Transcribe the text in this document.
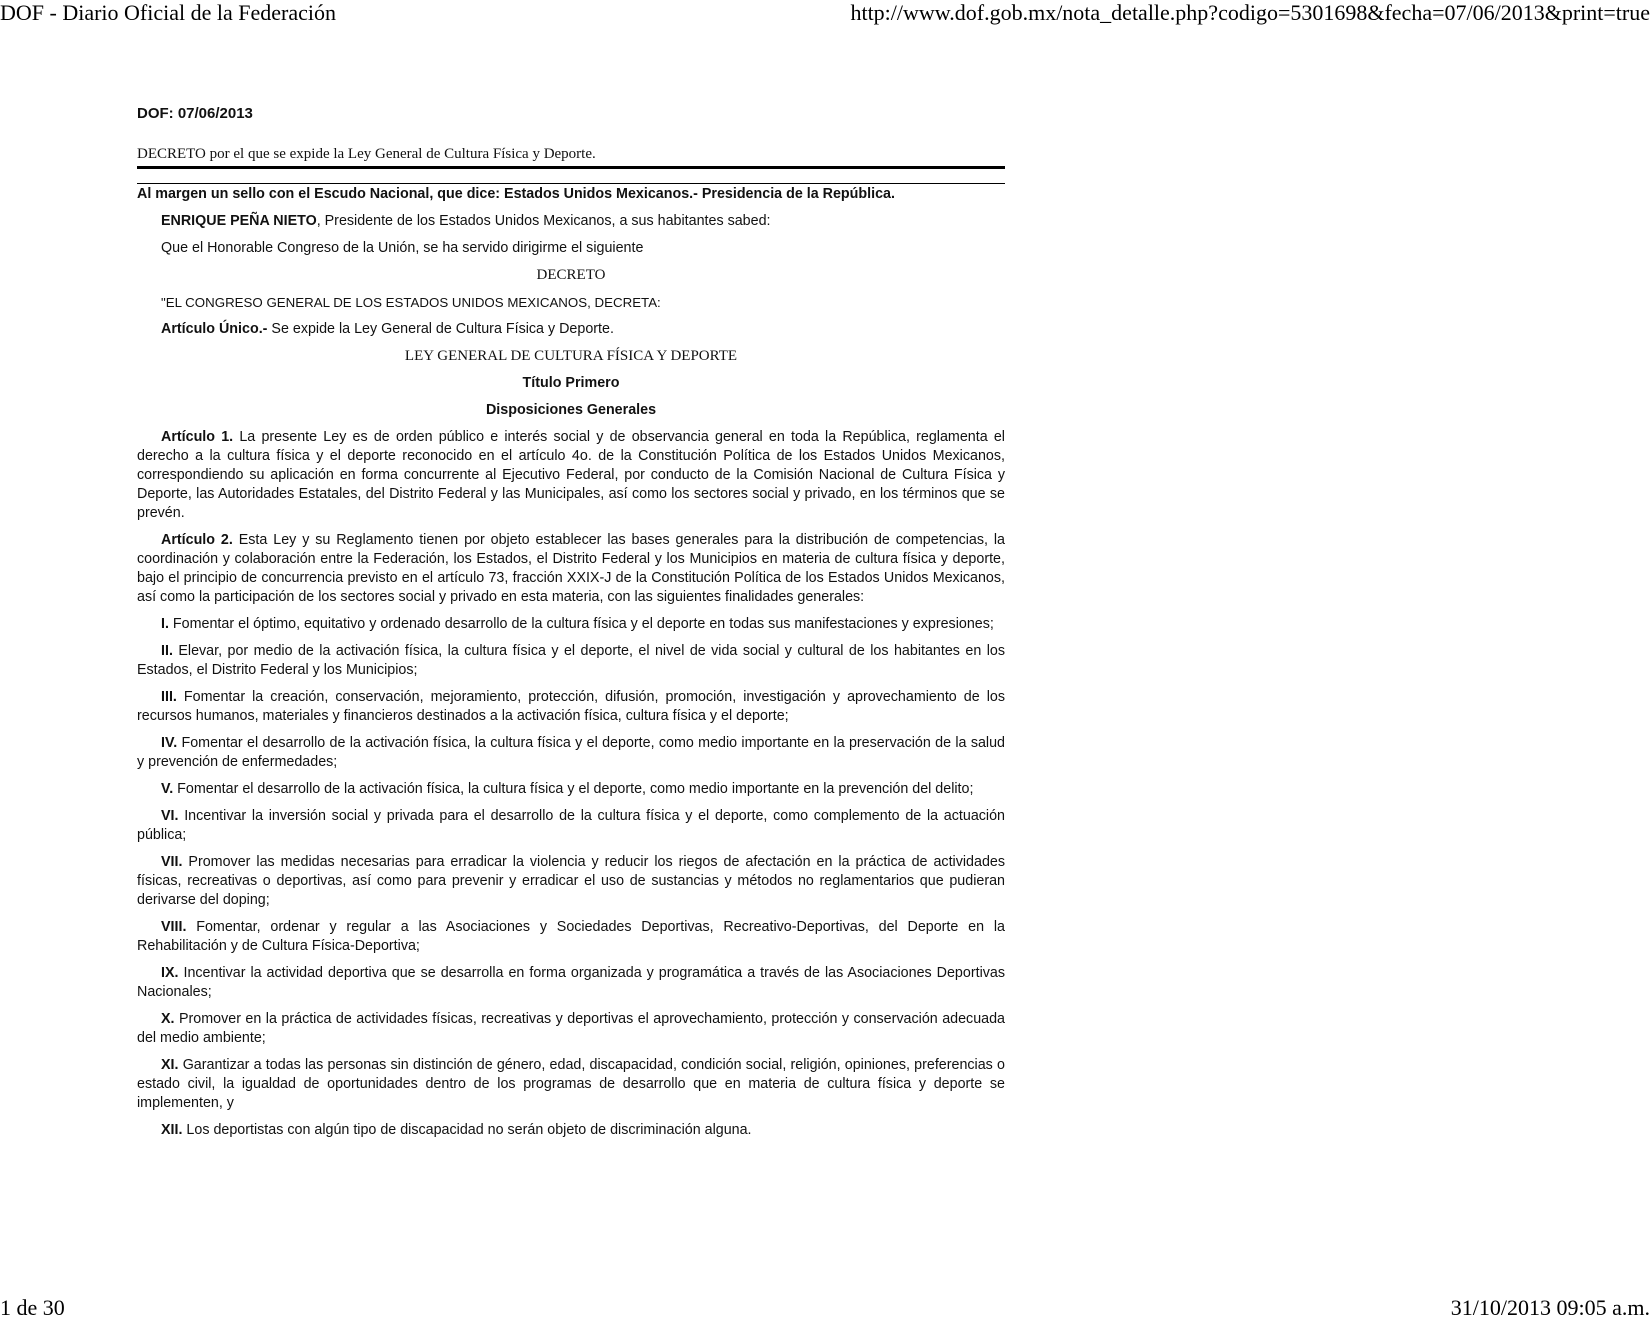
DOF - Diario Oficial de la Federación	http://www.dof.gob.mx/nota_detalle.php?codigo=5301698&fecha=07/06/2013&print=true
DOF: 07/06/2013
DECRETO por el que se expide la Ley General de Cultura Física y Deporte.
Al margen un sello con el Escudo Nacional, que dice: Estados Unidos Mexicanos.- Presidencia de la República.

ENRIQUE PEÑA NIETO, Presidente de los Estados Unidos Mexicanos, a sus habitantes sabed:

Que el Honorable Congreso de la Unión, se ha servido dirigirme el siguiente

DECRETO

"EL CONGRESO GENERAL DE LOS ESTADOS UNIDOS MEXICANOS, DECRETA:

Artículo Único.- Se expide la Ley General de Cultura Física y Deporte.

LEY GENERAL DE CULTURA FÍSICA Y DEPORTE

Título Primero

Disposiciones Generales

Artículo 1. La presente Ley es de orden público e interés social y de observancia general en toda la República, reglamenta el derecho a la cultura física y el deporte reconocido en el artículo 4o. de la Constitución Política de los Estados Unidos Mexicanos, correspondiendo su aplicación en forma concurrente al Ejecutivo Federal, por conducto de la Comisión Nacional de Cultura Física y Deporte, las Autoridades Estatales, del Distrito Federal y las Municipales, así como los sectores social y privado, en los términos que se prevén.

Artículo 2. Esta Ley y su Reglamento tienen por objeto establecer las bases generales para la distribución de competencias, la coordinación y colaboración entre la Federación, los Estados, el Distrito Federal y los Municipios en materia de cultura física y deporte, bajo el principio de concurrencia previsto en el artículo 73, fracción XXIX-J de la Constitución Política de los Estados Unidos Mexicanos, así como la participación de los sectores social y privado en esta materia, con las siguientes finalidades generales:

I. Fomentar el óptimo, equitativo y ordenado desarrollo de la cultura física y el deporte en todas sus manifestaciones y expresiones;

II. Elevar, por medio de la activación física, la cultura física y el deporte, el nivel de vida social y cultural de los habitantes en los Estados, el Distrito Federal y los Municipios;

III. Fomentar la creación, conservación, mejoramiento, protección, difusión, promoción, investigación y aprovechamiento de los recursos humanos, materiales y financieros destinados a la activación física, cultura física y el deporte;

IV. Fomentar el desarrollo de la activación física, la cultura física y el deporte, como medio importante en la preservación de la salud y prevención de enfermedades;

V. Fomentar el desarrollo de la activación física, la cultura física y el deporte, como medio importante en la prevención del delito;

VI. Incentivar la inversión social y privada para el desarrollo de la cultura física y el deporte, como complemento de la actuación pública;

VII. Promover las medidas necesarias para erradicar la violencia y reducir los riegos de afectación en la práctica de actividades físicas, recreativas o deportivas, así como para prevenir y erradicar el uso de sustancias y métodos no reglamentarios que pudieran derivarse del doping;

VIII. Fomentar, ordenar y regular a las Asociaciones y Sociedades Deportivas, Recreativo-Deportivas, del Deporte en la Rehabilitación y de Cultura Física-Deportiva;

IX. Incentivar la actividad deportiva que se desarrolla en forma organizada y programática a través de las Asociaciones Deportivas Nacionales;

X. Promover en la práctica de actividades físicas, recreativas y deportivas el aprovechamiento, protección y conservación adecuada del medio ambiente;

XI. Garantizar a todas las personas sin distinción de género, edad, discapacidad, condición social, religión, opiniones, preferencias o estado civil, la igualdad de oportunidades dentro de los programas de desarrollo que en materia de cultura física y deporte se implementen, y

XII. Los deportistas con algún tipo de discapacidad no serán objeto de discriminación alguna.

1 de 30	31/10/2013 09:05 a.m.
